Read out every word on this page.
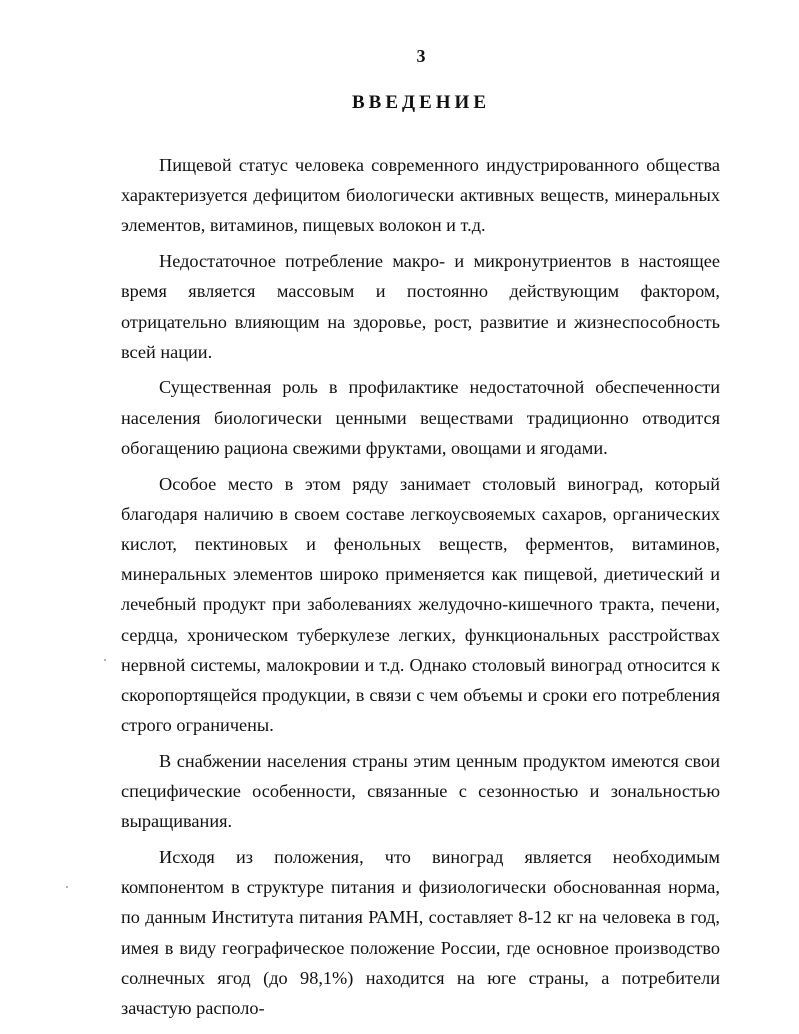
3
ВВЕДЕНИЕ

Пищевой статус человека современного индустрированного общества характеризуется дефицитом биологически активных веществ, минеральных элементов, витаминов, пищевых волокон и т.д.

Недостаточное потребление макро- и микронутриентов в настоящее время является массовым и постоянно действующим фактором, отрицательно влияющим на здоровье, рост, развитие и жизнеспособность всей нации.

Существенная роль в профилактике недостаточной обеспеченности населения биологически ценными веществами традиционно отводится обогащению рациона свежими фруктами, овощами и ягодами.

Особое место в этом ряду занимает столовый виноград, который благодаря наличию в своем составе легкоусвояемых сахаров, органических кислот, пектиновых и фенольных веществ, ферментов, витаминов, минеральных элементов широко применяется как пищевой, диетический и лечебный продукт при заболеваниях желудочно-кишечного тракта, печени, сердца, хроническом туберкулезе легких, функциональных расстройствах нервной системы, малокровии и т.д. Однако столовый виноград относится к скоропортящейся продукции, в связи с чем объемы и сроки его потребления строго ограничены.

В снабжении населения страны этим ценным продуктом имеются свои специфические особенности, связанные с сезонностью и зональностью выращивания.

Исходя из положения, что виноград является необходимым компонентом в структуре питания и физиологически обоснованная норма, по данным Института питания РАМН, составляет 8-12 кг на человека в год, имея в виду географическое положение России, где основное производство солнечных ягод (до 98,1%) находится на юге страны, а потребители зачастую располо-
